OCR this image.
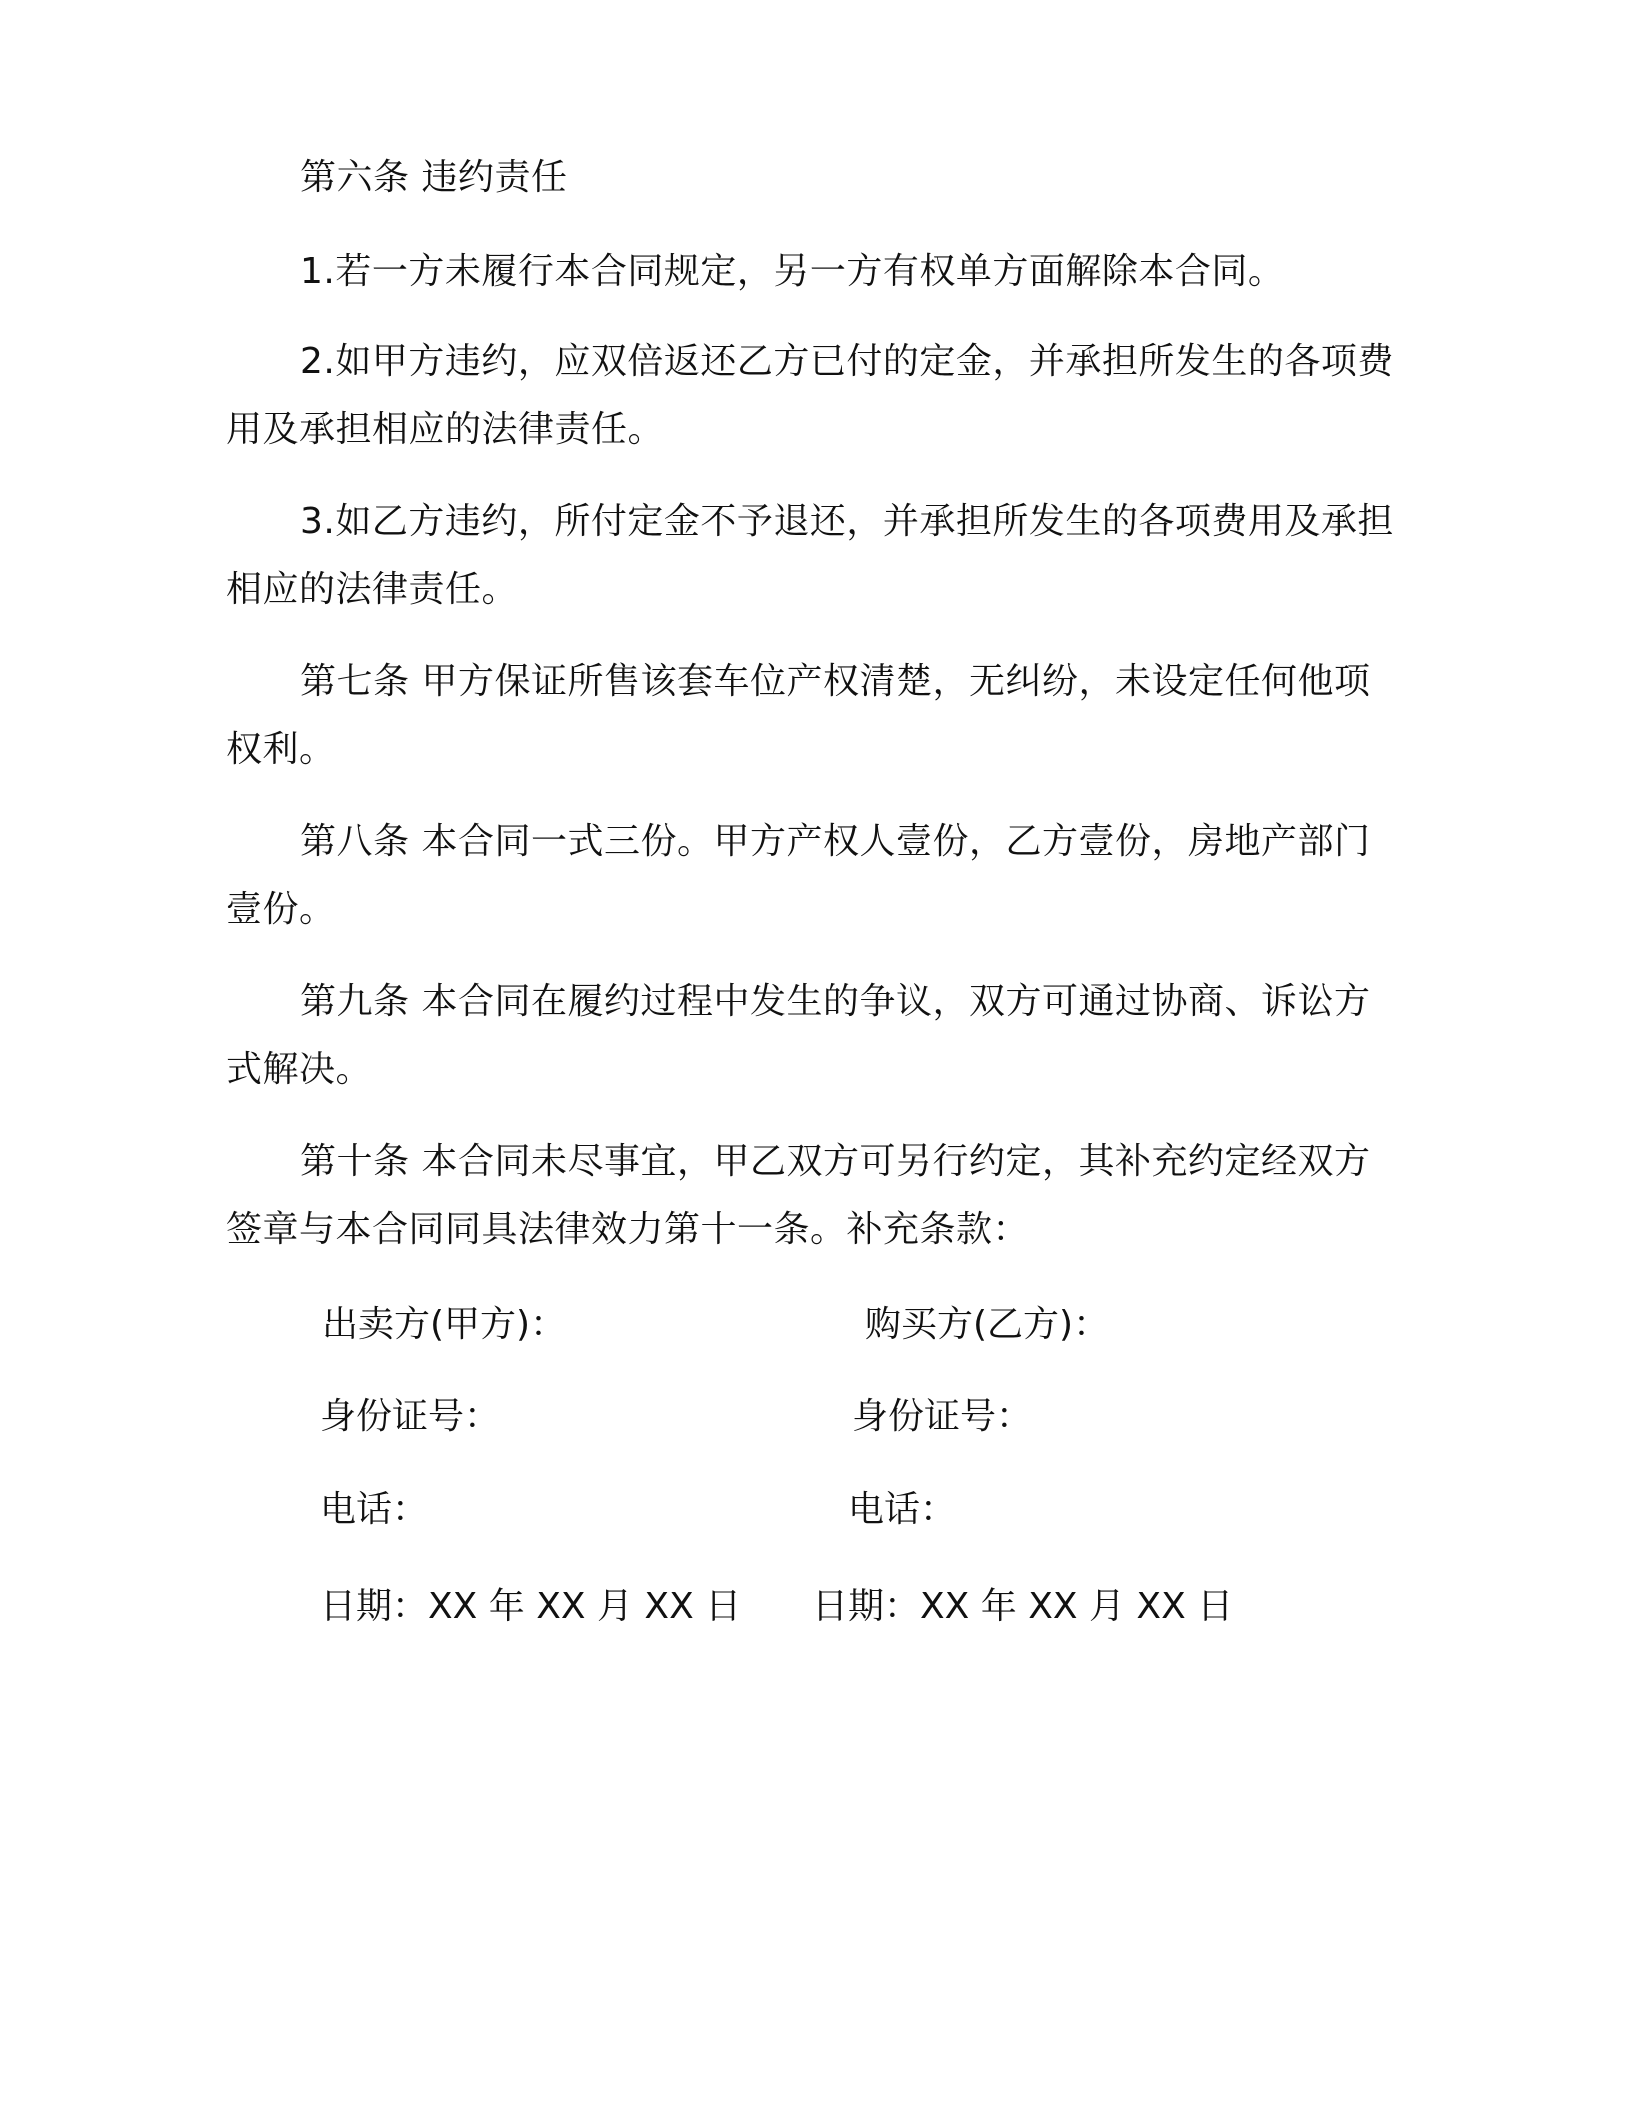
第六条 违约责任

1.若一方未履行本合同规定，另一方有权单方面解除本合同。

2.如甲方违约，应双倍返还乙方已付的定金，并承担所发生的各项费用及承担相应的法律责任。

3.如乙方违约，所付定金不予退还，并承担所发生的各项费用及承担相应的法律责任。

第七条 甲方保证所售该套车位产权清楚，无纠纷，未设定任何他项权利。

第八条 本合同一式三份。甲方产权人壹份，乙方壹份，房地产部门壹份。

第九条 本合同在履约过程中发生的争议，双方可通过协商、诉讼方式解决。

第十条 本合同未尽事宜，甲乙双方可另行约定，其补充约定经双方签章与本合同同具法律效力第十一条。补充条款：

出卖方(甲方)：	购买方(乙方)：

身份证号：	身份证号：

电话：	电话：

日期：XX 年 XX 月 XX 日 日期：XX 年 XX 月 XX 日
